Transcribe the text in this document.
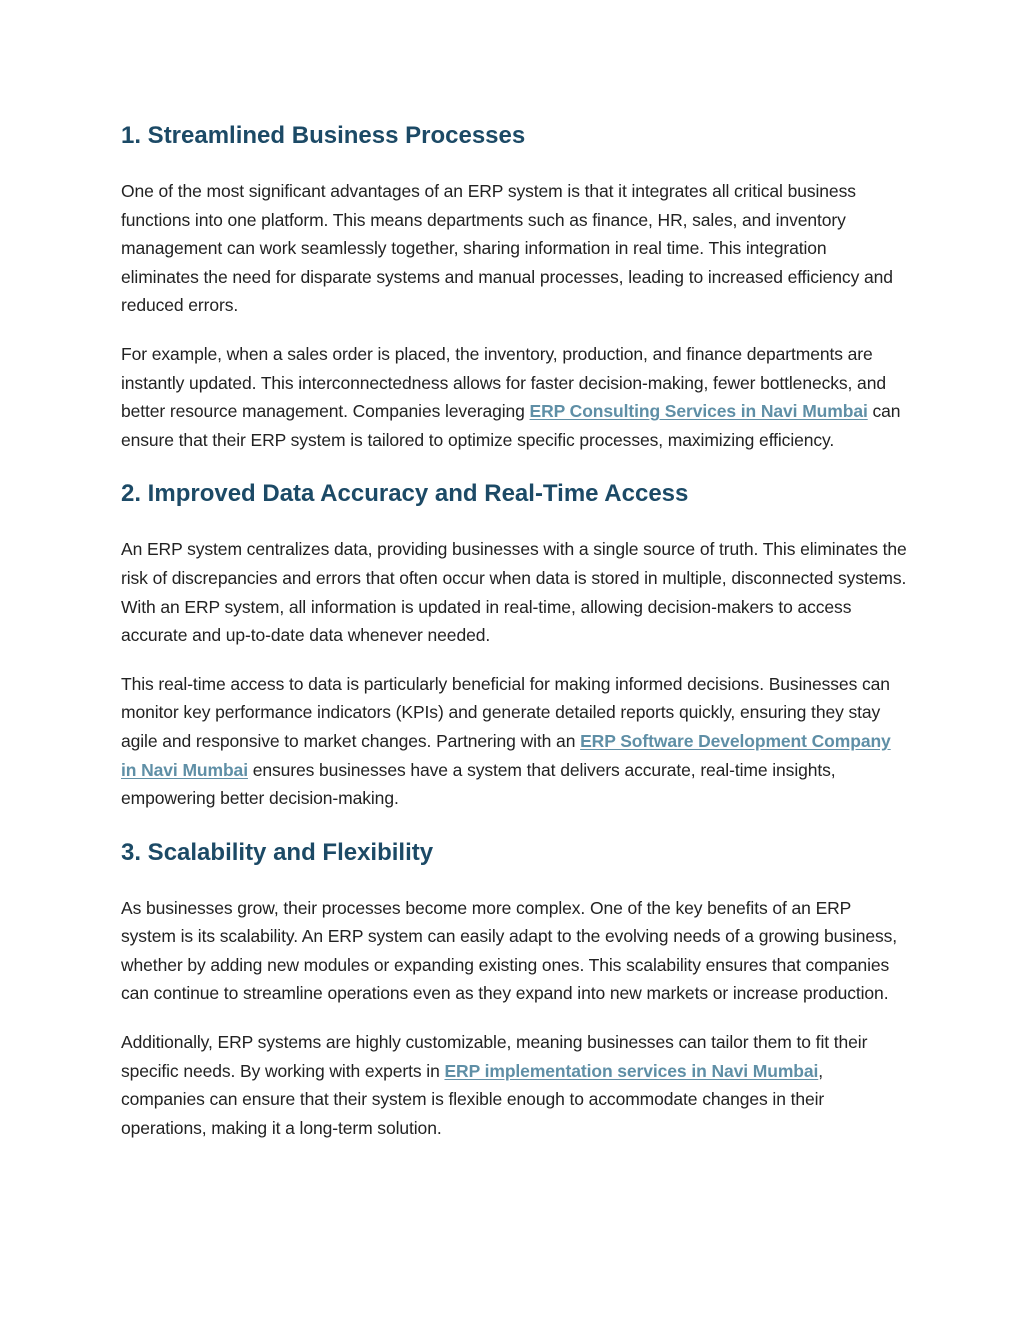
1. Streamlined Business Processes

One of the most significant advantages of an ERP system is that it integrates all critical business functions into one platform. This means departments such as finance, HR, sales, and inventory management can work seamlessly together, sharing information in real time. This integration eliminates the need for disparate systems and manual processes, leading to increased efficiency and reduced errors.

For example, when a sales order is placed, the inventory, production, and finance departments are instantly updated. This interconnectedness allows for faster decision-making, fewer bottlenecks, and better resource management. Companies leveraging ERP Consulting Services in Navi Mumbai can ensure that their ERP system is tailored to optimize specific processes, maximizing efficiency.

2. Improved Data Accuracy and Real-Time Access

An ERP system centralizes data, providing businesses with a single source of truth. This eliminates the risk of discrepancies and errors that often occur when data is stored in multiple, disconnected systems. With an ERP system, all information is updated in real-time, allowing decision-makers to access accurate and up-to-date data whenever needed.

This real-time access to data is particularly beneficial for making informed decisions. Businesses can monitor key performance indicators (KPIs) and generate detailed reports quickly, ensuring they stay agile and responsive to market changes. Partnering with an ERP Software Development Company in Navi Mumbai ensures businesses have a system that delivers accurate, real-time insights, empowering better decision-making.

3. Scalability and Flexibility

As businesses grow, their processes become more complex. One of the key benefits of an ERP system is its scalability. An ERP system can easily adapt to the evolving needs of a growing business, whether by adding new modules or expanding existing ones. This scalability ensures that companies can continue to streamline operations even as they expand into new markets or increase production.

Additionally, ERP systems are highly customizable, meaning businesses can tailor them to fit their specific needs. By working with experts in ERP implementation services in Navi Mumbai, companies can ensure that their system is flexible enough to accommodate changes in their operations, making it a long-term solution.
